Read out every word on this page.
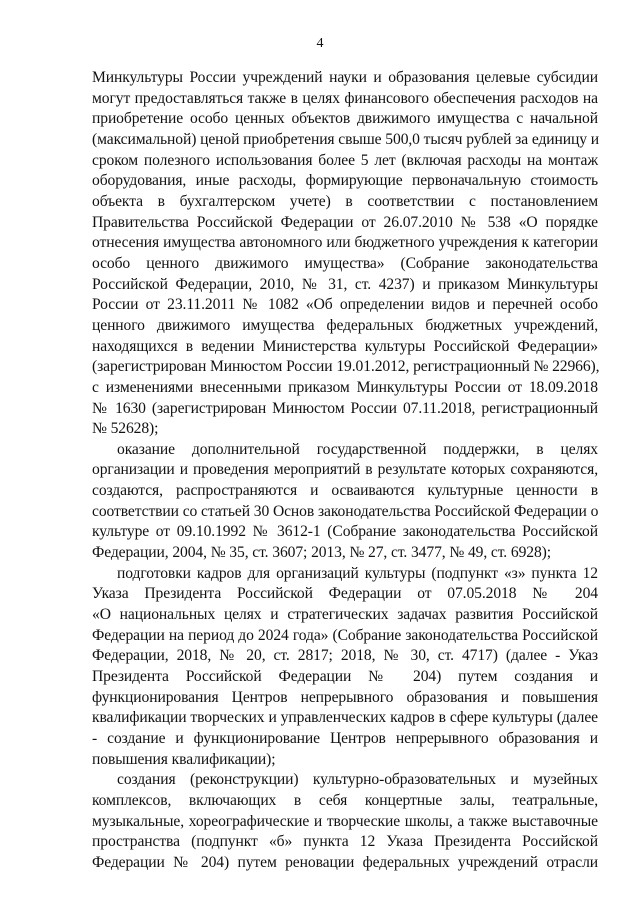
4
Минкультуры России учреждений науки и образования целевые субсидии
могут предоставляться также в целях финансового обеспечения расходов на
приобретение особо ценных объектов движимого имущества с начальной
(максимальной) ценой приобретения свыше 500,0 тысяч рублей за единицу и
сроком полезного использования более 5 лет (включая расходы на монтаж
оборудования, иные расходы, формирующие первоначальную стоимость
объекта в бухгалтерском учете) в соответствии с постановлением
Правительства Российской Федерации от 26.07.2010 № 538 «О порядке
отнесения имущества автономного или бюджетного учреждения к категории
особо ценного движимого имущества» (Собрание законодательства
Российской Федерации, 2010, № 31, ст. 4237) и приказом Минкультуры
России от 23.11.2011 № 1082 «Об определении видов и перечней особо
ценного движимого имущества федеральных бюджетных учреждений,
находящихся в ведении Министерства культуры Российской Федерации»
(зарегистрирован Минюстом России 19.01.2012, регистрационный № 22966),
с изменениями внесенными приказом Минкультуры России от 18.09.2018
№ 1630 (зарегистрирован Минюстом России 07.11.2018, регистрационный
№ 52628);
оказание дополнительной государственной поддержки, в целях
организации и проведения мероприятий в результате которых сохраняются,
создаются, распространяются и осваиваются культурные ценности в
соответствии со статьей 30 Основ законодательства Российской Федерации о
культуре от 09.10.1992 № 3612-1 (Собрание законодательства Российской
Федерации, 2004, № 35, ст. 3607; 2013, № 27, ст. 3477, № 49, ст. 6928);
подготовки кадров для организаций культуры (подпункт «з» пункта 12
Указа Президента Российской Федерации от 07.05.2018 № 204
«О национальных целях и стратегических задачах развития Российской
Федерации на период до 2024 года» (Собрание законодательства Российской
Федерации, 2018, № 20, ст. 2817; 2018, № 30, ст. 4717) (далее - Указ
Президента Российской Федерации № 204) путем создания и
функционирования Центров непрерывного образования и повышения
квалификации творческих и управленческих кадров в сфере культуры (далее
- создание и функционирование Центров непрерывного образования и
повышения квалификации);
создания (реконструкции) культурно-образовательных и музейных
комплексов, включающих в себя концертные залы, театральные,
музыкальные, хореографические и творческие школы, а также выставочные
пространства (подпункт «б» пункта 12 Указа Президента Российской
Федерации № 204) путем реновации федеральных учреждений отрасли
